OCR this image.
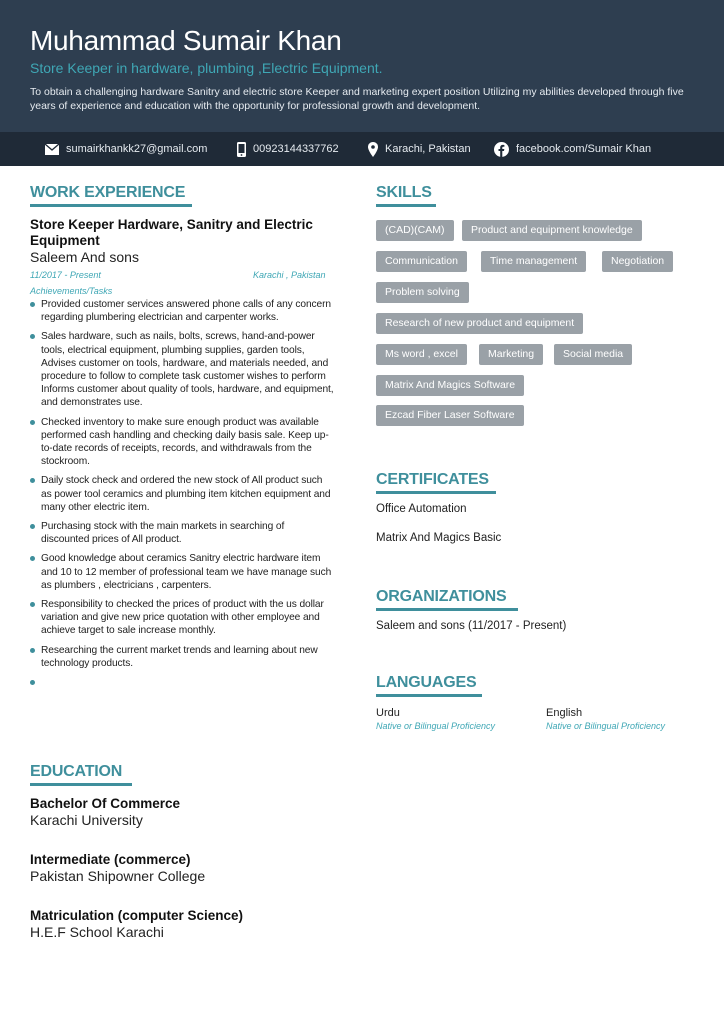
Muhammad Sumair Khan
Store Keeper in hardware, plumbing ,Electric Equipment.
To obtain a challenging hardware Sanitry and electric store Keeper and marketing expert position Utilizing my abilities developed through five years of experience and education with the opportunity for professional growth and development.
sumairkhankk27@gmail.com	00923144337762	Karachi, Pakistan	facebook.com/Sumair Khan
WORK EXPERIENCE
Store Keeper Hardware, Sanitry and Electric Equipment
Saleem And sons
11/2017 - Present	Karachi , Pakistan
Achievements/Tasks
Provided customer services answered phone calls of any concern regarding plumbering electrician and carpenter works.
Sales hardware, such as nails, bolts, screws, hand-and-power tools, electrical equipment, plumbing supplies, garden tools, Advises customer on tools, hardware, and materials needed, and procedure to follow to complete task customer wishes to perform Informs customer about quality of tools, hardware, and equipment, and demonstrates use.
Checked inventory to make sure enough product was available performed cash handling and checking daily basis sale. Keep up-to-date records of receipts, records, and withdrawals from the stockroom.
Daily stock check and ordered the new stock of All product such as power tool ceramics and plumbing item kitchen equipment and many other electric item.
Purchasing stock with the main markets in searching of discounted prices of All product.
Good knowledge about ceramics Sanitry electric hardware item and 10 to 12 member of professional team we have manage such as plumbers , electricians , carpenters.
Responsibility to checked the prices of product with the us dollar variation and give new price quotation with other employee and achieve target to sale increase monthly.
Researching the current market trends and learning about new technology products.
EDUCATION
Bachelor Of Commerce
Karachi University
Intermediate (commerce)
Pakistan Shipowner College
Matriculation (computer Science)
H.E.F School Karachi
SKILLS
(CAD)(CAM)	Product and equipment knowledge
Communication	Time management	Negotiation
Problem solving
Research of new product and equipment
Ms word , excel	Marketing	Social media
Matrix And Magics Software
Ezcad Fiber Laser Software
CERTIFICATES
Office Automation
Matrix And Magics Basic
ORGANIZATIONS
Saleem and sons (11/2017 - Present)
LANGUAGES
Urdu
Native or Bilingual Proficiency
English
Native or Bilingual Proficiency
